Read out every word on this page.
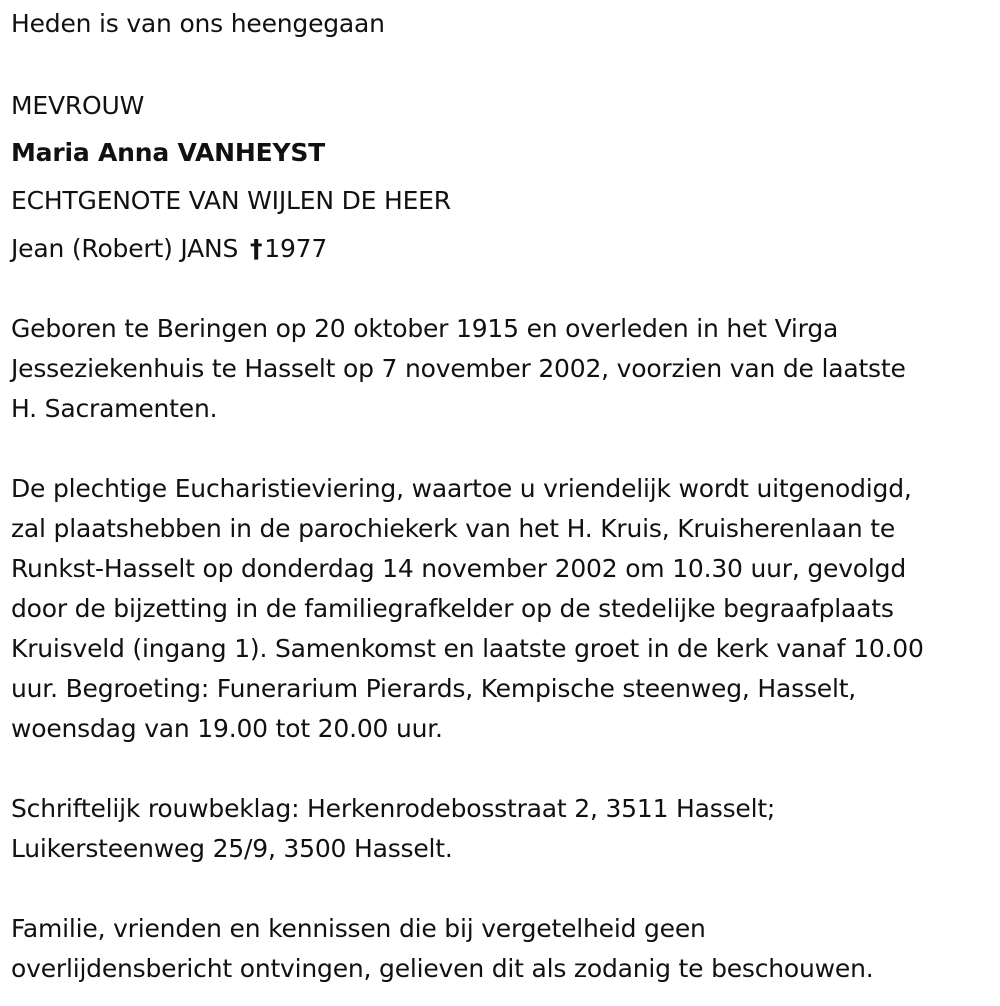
Heden is van ons heengegaan
MEVROUW
Maria Anna VANHEYST
ECHTGENOTE VAN WIJLEN DE HEER
Jean (Robert) JANS †1977
Geboren te Beringen op 20 oktober 1915 en overleden in het Virga
Jesseziekenhuis te Hasselt op 7 november 2002, voorzien van de laatste
H. Sacramenten.
De plechtige Eucharistieviering, waartoe u vriendelijk wordt uitgenodigd,
zal plaatshebben in de parochiekerk van het H. Kruis, Kruisherenlaan te
Runkst-Hasselt op donderdag 14 november 2002 om 10.30 uur, gevolgd
door de bijzetting in de familiegrafkelder op de stedelijke begraafplaats
Kruisveld (ingang 1). Samenkomst en laatste groet in de kerk vanaf 10.00
uur. Begroeting: Funerarium Pierards, Kempische steenweg, Hasselt,
woensdag van 19.00 tot 20.00 uur.
Schriftelijk rouwbeklag: Herkenrodebosstraat 2, 3511 Hasselt;
Luikersteenweg 25/9, 3500 Hasselt.
Familie, vrienden en kennissen die bij vergetelheid geen
overlijdensbericht ontvingen, gelieven dit als zodanig te beschouwen.
